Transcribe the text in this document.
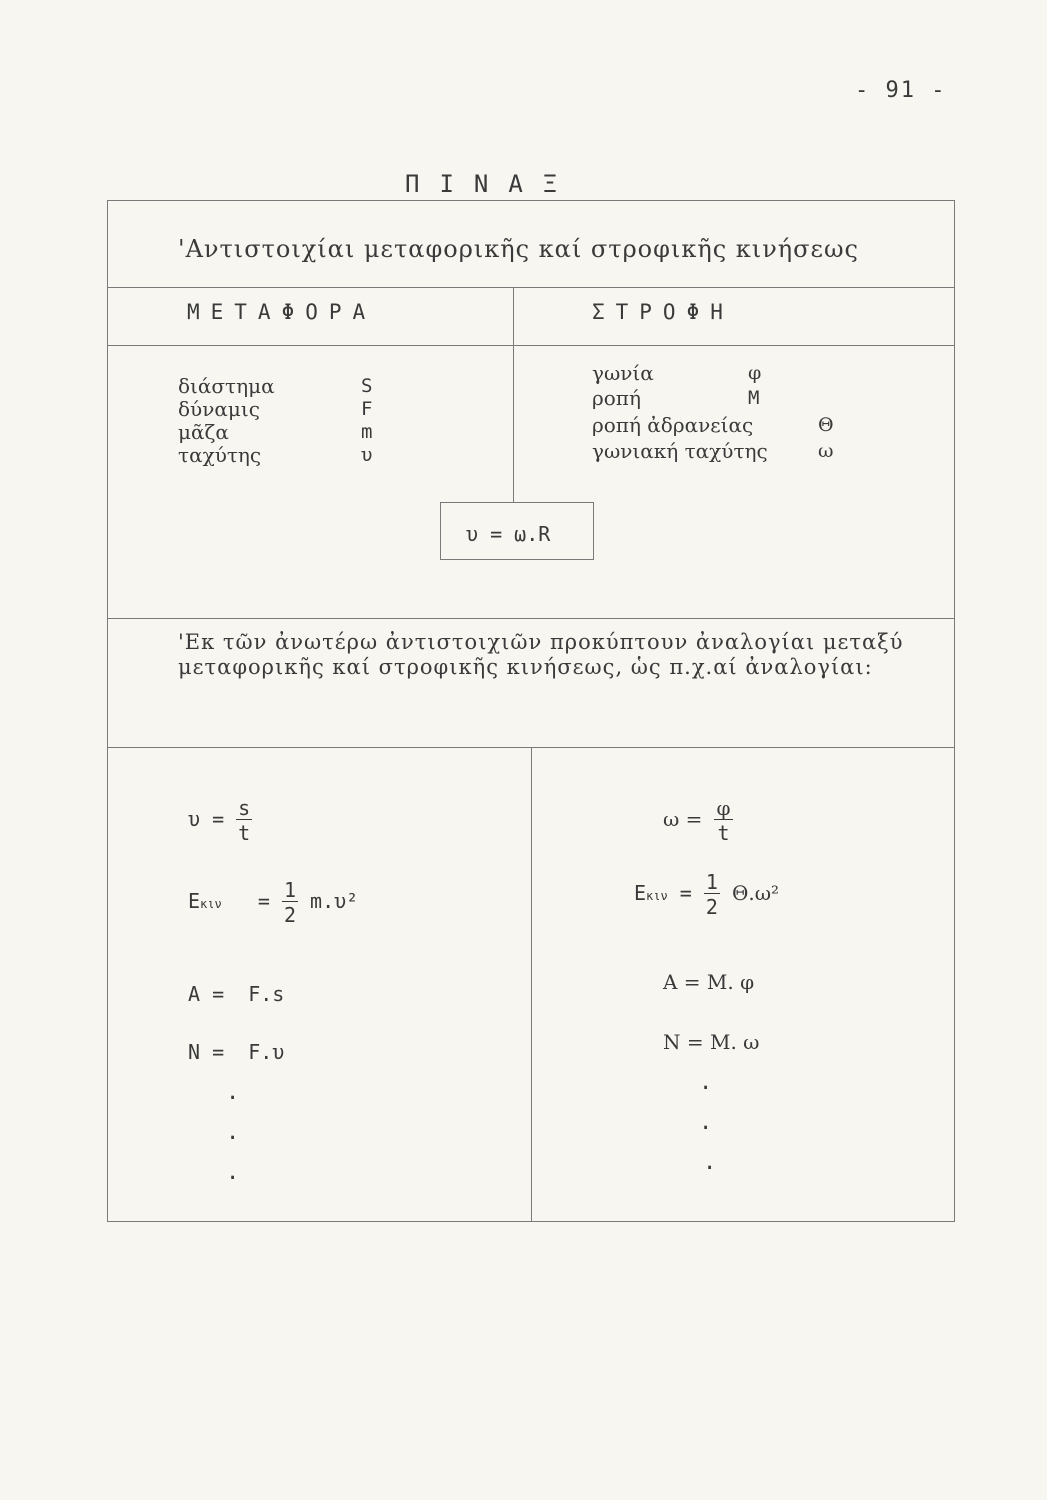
- 91 -
ΠΙΝΑΞ
'Αντιστοιχίαι μεταφορικῆς καί στροφικῆς κινήσεως
ΜΕΤΑΦΟΡΑ	ΣΤΡΟΦΗ
διάστημα	S
δύναμις	F
μᾶζα	m
ταχύτης	υ
γωνία	φ
ροπή	M
ροπή ἀδρανείας	Θ
γωνιακή ταχύτης	ω
υ = ω.R
'Εκ τῶν ἀνωτέρω ἀντιστοιχιῶν προκύπτουν ἀναλογίαι μεταξύ μεταφορικῆς καί στροφικῆς κινήσεως, ὡς π.χ.αί ἀναλογίαι:
$\upsilon = \frac{s}{t}$
$E\kappa\iota\nu = \frac{1}{2} m.\upsilon^2$
A =  F.s
N =  F.υ
.
.
.
$\omega = \frac{\varphi}{t}$
$E\kappa\iota\nu = \frac{1}{2} \Theta.\omega^2$
A = M. φ
N = M. ω
.
.
.
